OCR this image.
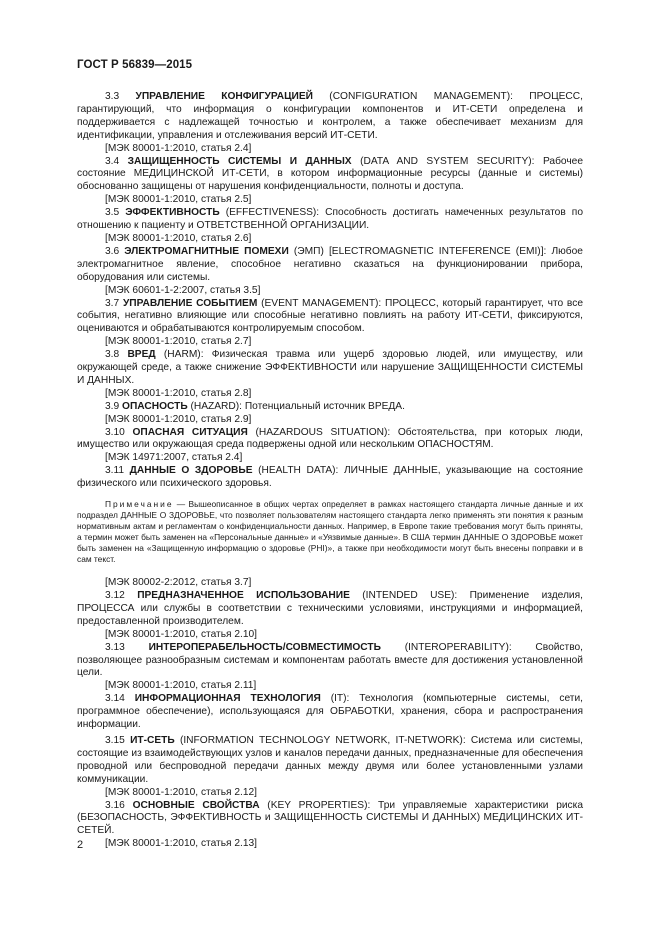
ГОСТ Р 56839—2015

3.3 УПРАВЛЕНИЕ КОНФИГУРАЦИЕЙ (CONFIGURATION MANAGEMENT): ПРОЦЕСС, гарантирующий, что информация о конфигурации компонентов и ИТ-СЕТИ определена и поддерживается с надлежащей точностью и контролем, а также обеспечивает механизм для идентификации, управления и отслеживания версий ИТ-СЕТИ.

[МЭК 80001-1:2010, статья 2.4]

3.4 ЗАЩИЩЕННОСТЬ СИСТЕМЫ И ДАННЫХ (DATA AND SYSTEM SECURITY): Рабочее состояние МЕДИЦИНСКОЙ ИТ-СЕТИ, в котором информационные ресурсы (данные и системы) обоснованно защищены от нарушения конфиденциальности, полноты и доступа.

[МЭК 80001-1:2010, статья 2.5]

3.5 ЭФФЕКТИВНОСТЬ (EFFECTIVENESS): Способность достигать намеченных результатов по отношению к пациенту и ОТВЕТСТВЕННОЙ ОРГАНИЗАЦИИ.

[МЭК 80001-1:2010, статья 2.6]

3.6 ЭЛЕКТРОМАГНИТНЫЕ ПОМЕХИ (ЭМП) [ELECTROMAGNETIC INTEFERENCE (EMI)]: Любое электромагнитное явление, способное негативно сказаться на функционировании прибора, оборудования или системы.

[МЭК 60601-1-2:2007, статья 3.5]

3.7 УПРАВЛЕНИЕ СОБЫТИЕМ (EVENT MANAGEMENT): ПРОЦЕСС, который гарантирует, что все события, негативно влияющие или способные негативно повлиять на работу ИТ-СЕТИ, фиксируются, оцениваются и обрабатываются контролируемым способом.

[МЭК 80001-1:2010, статья 2.7]

3.8 ВРЕД (HARM): Физическая травма или ущерб здоровью людей, или имуществу, или окружающей среде, а также снижение ЭФФЕКТИВНОСТИ или нарушение ЗАЩИЩЕННОСТИ СИСТЕМЫ И ДАННЫХ.

[МЭК 80001-1:2010, статья 2.8]

3.9 ОПАСНОСТЬ (HAZARD): Потенциальный источник ВРЕДА.

[МЭК 80001-1:2010, статья 2.9]

3.10 ОПАСНАЯ СИТУАЦИЯ (HAZARDOUS SITUATION): Обстоятельства, при которых люди, имущество или окружающая среда подвержены одной или нескольким ОПАСНОСТЯМ.

[МЭК 14971:2007, статья 2.4]

3.11 ДАННЫЕ О ЗДОРОВЬЕ (HEALTH DATA): ЛИЧНЫЕ ДАННЫЕ, указывающие на состояние физического или психического здоровья.

Примечание — Вышеописанное в общих чертах определяет в рамках настоящего стандарта личные данные и их подраздел ДАННЫЕ О ЗДОРОВЬЕ, что позволяет пользователям настоящего стандарта легко применять эти понятия к разным нормативным актам и регламентам о конфиденциальности данных. Например, в Европе такие требования могут быть приняты, а термин может быть заменен на «Персональные данные» и «Уязвимые данные». В США термин ДАННЫЕ О ЗДОРОВЬЕ может быть заменен на «Защищенную информацию о здоровье (PHI)», а также при необходимости могут быть внесены поправки и в сам текст.

[МЭК 80002-2:2012, статья 3.7]

3.12 ПРЕДНАЗНАЧЕННОЕ ИСПОЛЬЗОВАНИЕ (INTENDED USE): Применение изделия, ПРОЦЕССА или службы в соответствии с техническими условиями, инструкциями и информацией, предоставленной производителем.

[МЭК 80001-1:2010, статья 2.10]

3.13 ИНТЕРОПЕРАБЕЛЬНОСТЬ/СОВМЕСТИМОСТЬ (INTEROPERABILITY): Свойство, позволяющее разнообразным системам и компонентам работать вместе для достижения установленной цели.

[МЭК 80001-1:2010, статья 2.11]

3.14 ИНФОРМАЦИОННАЯ ТЕХНОЛОГИЯ (IT): Технология (компьютерные системы, сети, программное обеспечение), использующаяся для ОБРАБОТКИ, хранения, сбора и распространения информации.

3.15 ИТ-СЕТЬ (INFORMATION TECHNOLOGY NETWORK, IT-NETWORK): Система или системы, состоящие из взаимодействующих узлов и каналов передачи данных, предназначенные для обеспечения проводной или беспроводной передачи данных между двумя или более установленными узлами коммуникации.

[МЭК 80001-1:2010, статья 2.12]

3.16 ОСНОВНЫЕ СВОЙСТВА (KEY PROPERTIES): Три управляемые характеристики риска (БЕЗОПАСНОСТЬ, ЭФФЕКТИВНОСТЬ и ЗАЩИЩЕННОСТЬ СИСТЕМЫ И ДАННЫХ) МЕДИЦИНСКИХ ИТ-СЕТЕЙ.

[МЭК 80001-1:2010, статья 2.13]

2
